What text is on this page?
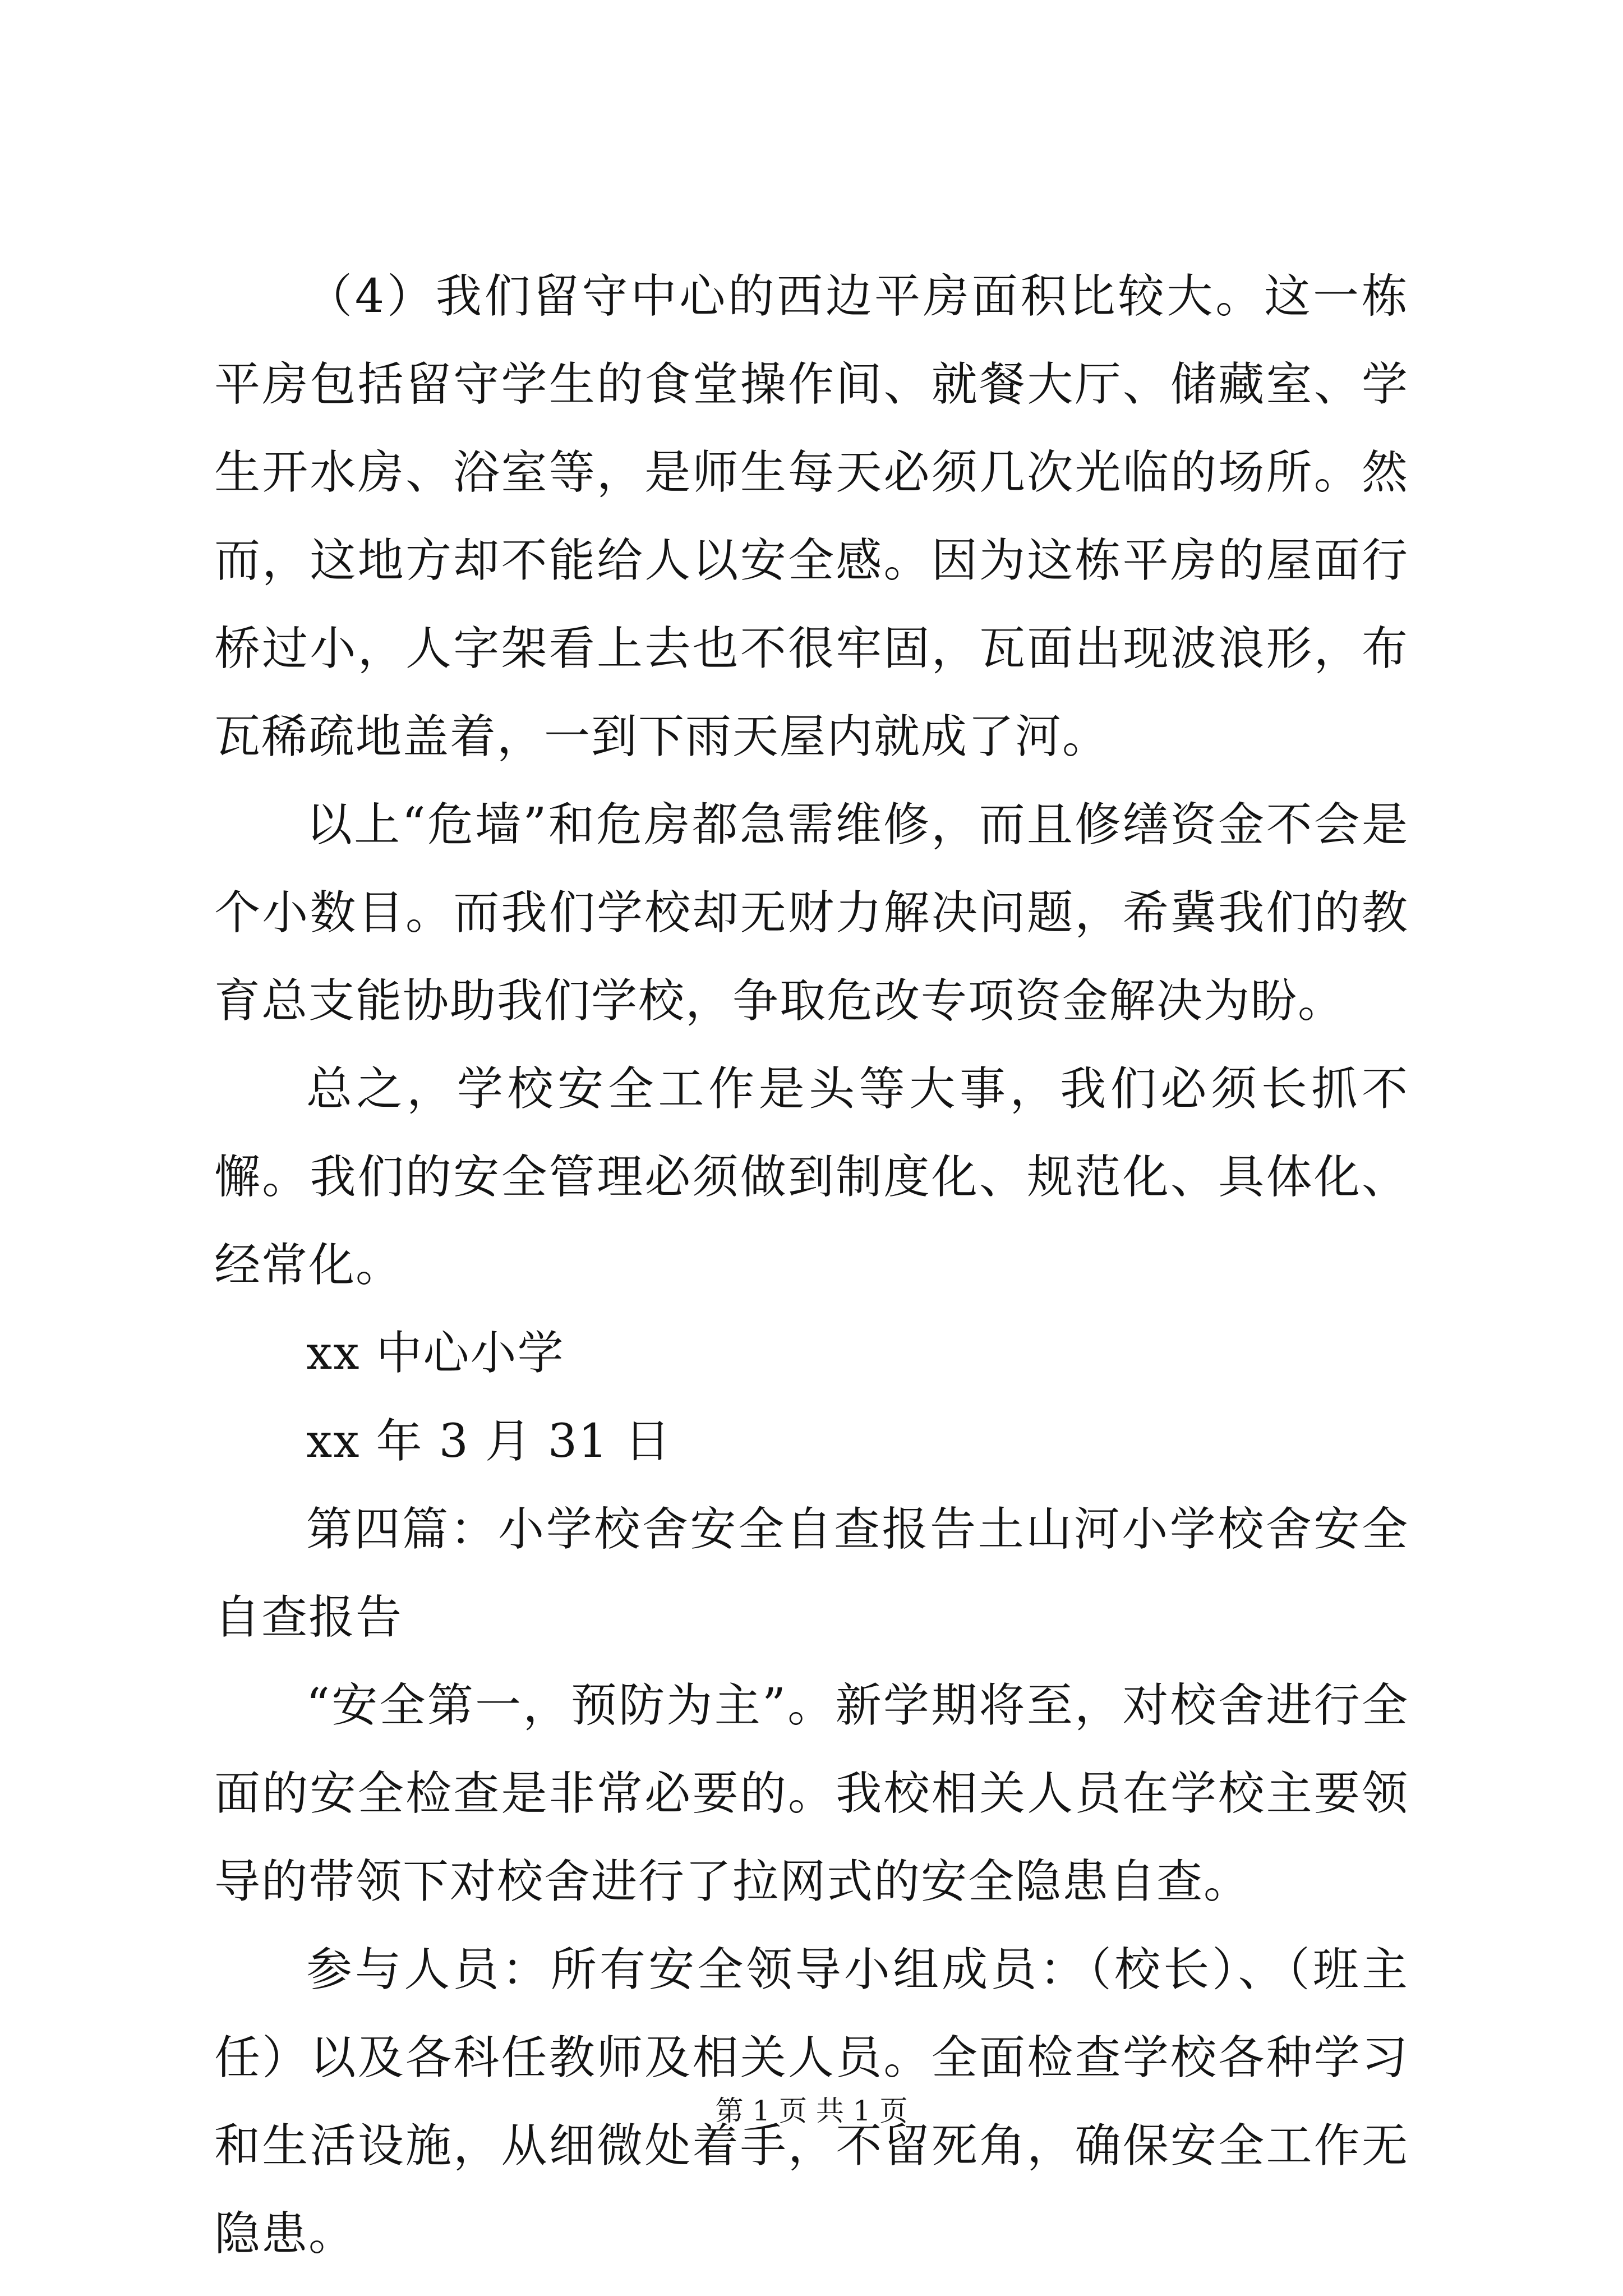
（4）我们留守中心的西边平房面积比较大。这一栋平房包括留守学生的食堂操作间、就餐大厅、储藏室、学生开水房、浴室等，是师生每天必须几次光临的场所。然而，这地方却不能给人以安全感。因为这栋平房的屋面行桥过小，人字架看上去也不很牢固，瓦面出现波浪形，布瓦稀疏地盖着，一到下雨天屋内就成了河。

以上“危墙”和危房都急需维修，而且修缮资金不会是个小数目。而我们学校却无财力解决问题，希冀我们的教育总支能协助我们学校，争取危改专项资金解决为盼。

总之，学校安全工作是头等大事，我们必须长抓不懈。我们的安全管理必须做到制度化、规范化、具体化、经常化。

xx 中心小学

xx 年 3 月 31 日

第四篇：小学校舍安全自查报告土山河小学校舍安全自查报告

“安全第一，预防为主”。新学期将至，对校舍进行全面的安全检查是非常必要的。我校相关人员在学校主要领导的带领下对校舍进行了拉网式的安全隐患自查。

参与人员：所有安全领导小组成员：（校长）、（班主任）以及各科任教师及相关人员。全面检查学校各种学习和生活设施，从细微处着手，不留死角，确保安全工作无隐患。

第 1 页 共 1 页
